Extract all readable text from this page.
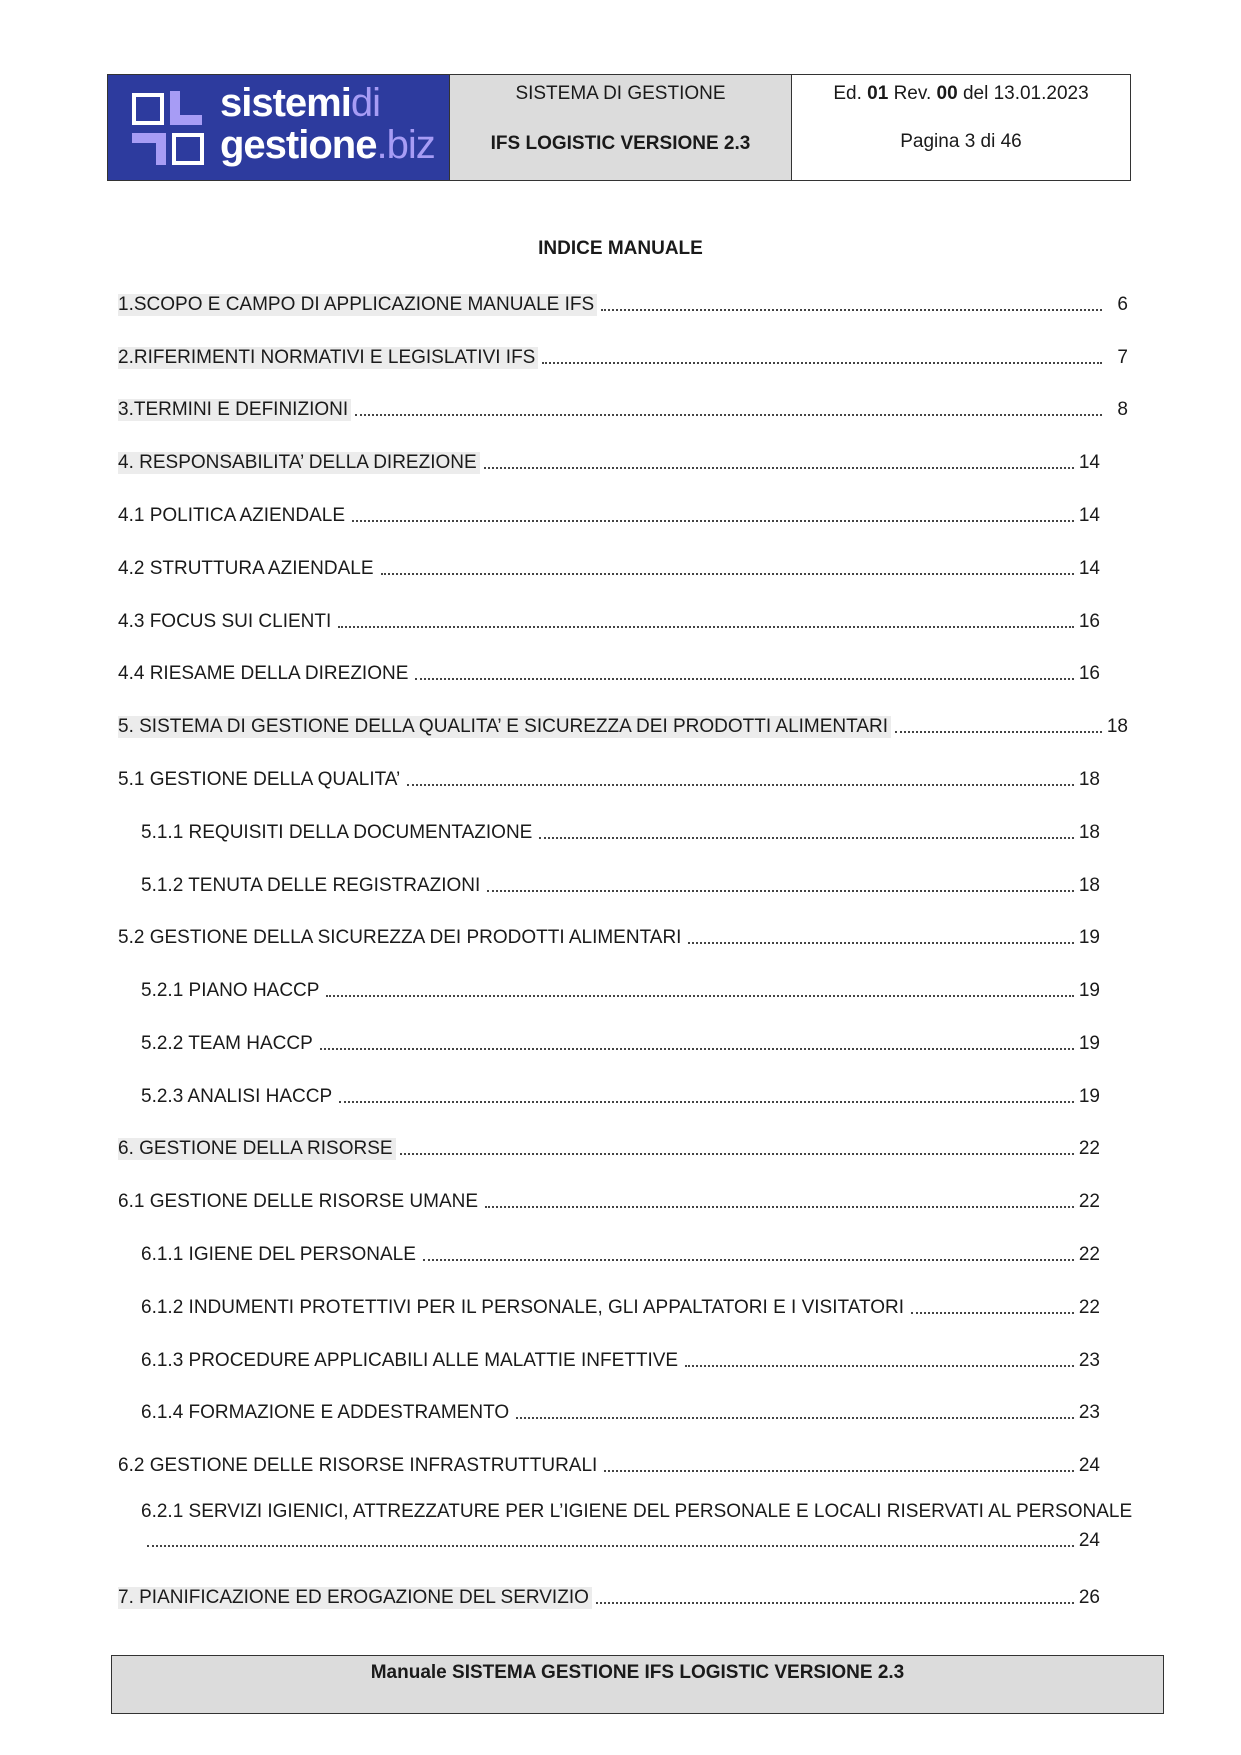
sistemidi
gestione.biz
SISTEMA DI GESTIONE
IFS LOGISTIC VERSIONE 2.3
Ed. 01 Rev. 00 del 13.01.2023
Pagina 3 di 46
INDICE MANUALE
1.SCOPO E CAMPO DI APPLICAZIONE MANUALE IFS	6
2.RIFERIMENTI NORMATIVI E LEGISLATIVI IFS	7
3.TERMINI E DEFINIZIONI	8
4. RESPONSABILITA’ DELLA DIREZIONE	14
4.1 POLITICA AZIENDALE	14
4.2 STRUTTURA AZIENDALE	14
4.3 FOCUS SUI CLIENTI	16
4.4 RIESAME DELLA DIREZIONE	16
5. SISTEMA DI GESTIONE DELLA QUALITA’ E SICUREZZA DEI PRODOTTI ALIMENTARI	18
5.1 GESTIONE DELLA QUALITA’	18
5.1.1 REQUISITI DELLA DOCUMENTAZIONE	18
5.1.2 TENUTA DELLE REGISTRAZIONI	18
5.2 GESTIONE DELLA SICUREZZA DEI PRODOTTI ALIMENTARI	19
5.2.1 PIANO HACCP	19
5.2.2 TEAM HACCP	19
5.2.3 ANALISI HACCP	19
6. GESTIONE DELLA RISORSE	22
6.1 GESTIONE DELLE RISORSE UMANE	22
6.1.1 IGIENE DEL PERSONALE	22
6.1.2 INDUMENTI PROTETTIVI PER IL PERSONALE, GLI APPALTATORI E I VISITATORI	22
6.1.3 PROCEDURE APPLICABILI ALLE MALATTIE INFETTIVE	23
6.1.4 FORMAZIONE E ADDESTRAMENTO	23
6.2 GESTIONE DELLE RISORSE INFRASTRUTTURALI	24
6.2.1 SERVIZI IGIENICI, ATTREZZATURE PER L’IGIENE DEL PERSONALE E LOCALI RISERVATI AL PERSONALE
24
7. PIANIFICAZIONE ED EROGAZIONE DEL SERVIZIO	26
Manuale SISTEMA GESTIONE IFS LOGISTIC VERSIONE 2.3
